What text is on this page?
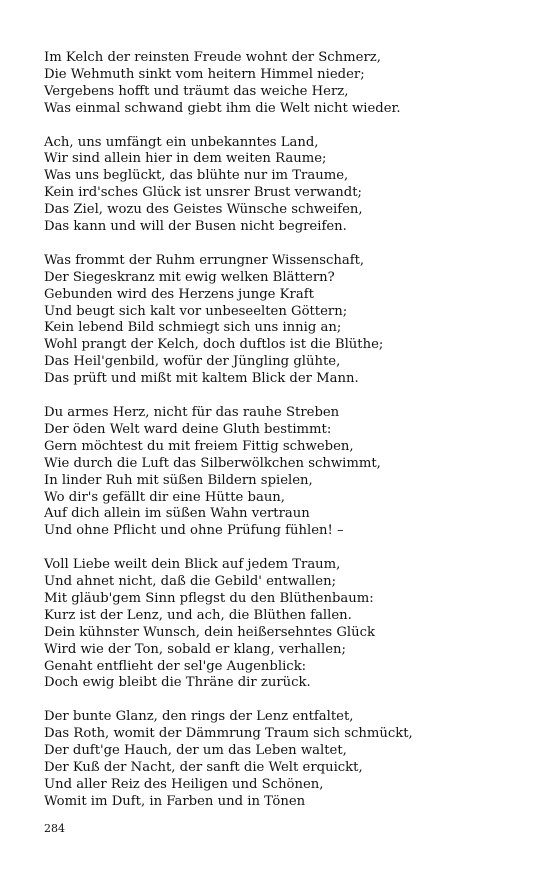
Im Kelch der reinsten Freude wohnt der Schmerz,
Die Wehmuth sinkt vom heitern Himmel nieder;
Vergebens hofft und träumt das weiche Herz,
Was einmal schwand giebt ihm die Welt nicht wieder.
Ach, uns umfängt ein unbekanntes Land,
Wir sind allein hier in dem weiten Raume;
Was uns beglückt, das blühte nur im Traume,
Kein ird'sches Glück ist unsrer Brust verwandt;
Das Ziel, wozu des Geistes Wünsche schweifen,
Das kann und will der Busen nicht begreifen.
Was frommt der Ruhm errungner Wissenschaft,
Der Siegeskranz mit ewig welken Blättern?
Gebunden wird des Herzens junge Kraft
Und beugt sich kalt vor unbeseelten Göttern;
Kein lebend Bild schmiegt sich uns innig an;
Wohl prangt der Kelch, doch duftlos ist die Blüthe;
Das Heil'genbild, wofür der Jüngling glühte,
Das prüft und mißt mit kaltem Blick der Mann.
Du armes Herz, nicht für das rauhe Streben
Der öden Welt ward deine Gluth bestimmt:
Gern möchtest du mit freiem Fittig schweben,
Wie durch die Luft das Silberwölkchen schwimmt,
In linder Ruh mit süßen Bildern spielen,
Wo dir's gefällt dir eine Hütte baun,
Auf dich allein im süßen Wahn vertraun
Und ohne Pflicht und ohne Prüfung fühlen! –
Voll Liebe weilt dein Blick auf jedem Traum,
Und ahnet nicht, daß die Gebild' entwallen;
Mit gläub'gem Sinn pflegst du den Blüthenbaum:
Kurz ist der Lenz, und ach, die Blüthen fallen.
Dein kühnster Wunsch, dein heißersehntes Glück
Wird wie der Ton, sobald er klang, verhallen;
Genaht entflieht der sel'ge Augenblick:
Doch ewig bleibt die Thräne dir zurück.
Der bunte Glanz, den rings der Lenz entfaltet,
Das Roth, womit der Dämmrung Traum sich schmückt,
Der duft'ge Hauch, der um das Leben waltet,
Der Kuß der Nacht, der sanft die Welt erquickt,
Und aller Reiz des Heiligen und Schönen,
Womit im Duft, in Farben und in Tönen
284
